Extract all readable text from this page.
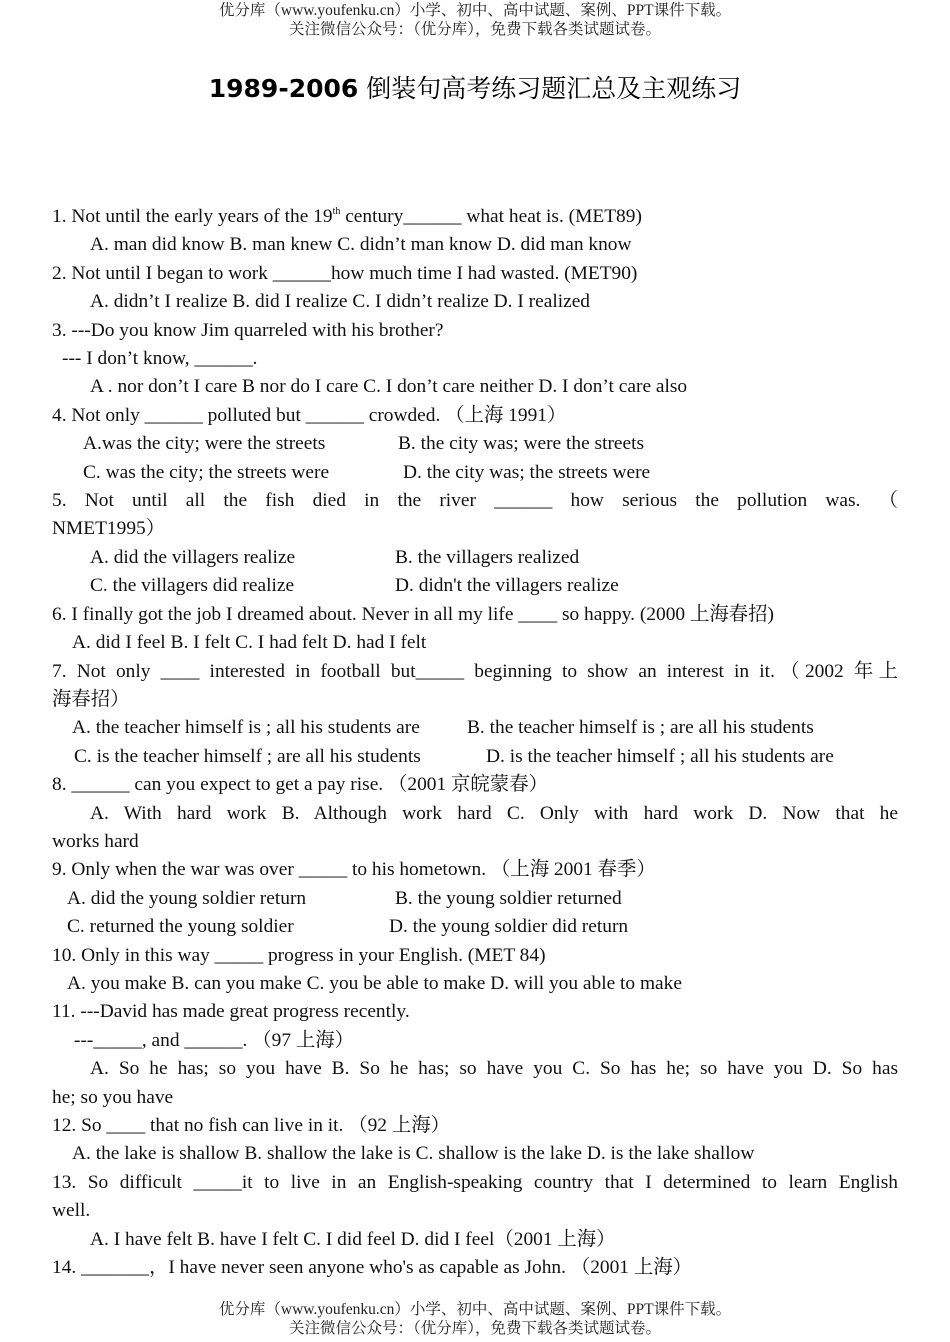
优分库（www.youfenku.cn）小学、初中、高中试题、案例、PPT课件下载。
关注微信公众号：（优分库），免费下载各类试题试卷。
1989-2006 倒装句高考练习题汇总及主观练习
1. Not until the early years of the 19th century______ what heat is. (MET89)
A. man did know B. man knew C. didn’t man know D. did man know
2. Not until I began to work ______how much time I had wasted. (MET90)
A. didn’t I realize B. did I realize C. I didn’t realize D. I realized
3. ---Do you know Jim quarreled with his brother?
--- I don’t know, ______.
A . nor don’t I care B nor do I care C. I don’t care neither D. I don’t care also
4. Not only ______ polluted but ______ crowded. （上海 1991）
A.was the city; were the streets	B. the city was; were the streets
C. was the city; the streets were	D. the city was; the streets were
5. Not until all the fish died in the river ______ how serious the pollution was. （
NMET1995）
A. did the villagers realize	B. the villagers realized
C. the villagers did realize	D. didn't the villagers realize
6. I finally got the job I dreamed about. Never in all my life ____ so happy. (2000 上海春招)
A. did I feel B. I felt C. I had felt D. had I felt
7. Not only ____ interested in football but_____ beginning to show an interest in it.（2002 年上
海春招）
A. the teacher himself is ; all his students are B. the teacher himself is ; are all his students
C. is the teacher himself ; are all his students	D. is the teacher himself ; all his students are
8. ______ can you expect to get a pay rise. （2001 京皖蒙春）
A. With hard work B. Although work hard C. Only with hard work D. Now that he
works hard
9. Only when the war was over _____ to his hometown. （上海 2001 春季）
A. did the young soldier return	B. the young soldier returned
C. returned the young soldier	D. the young soldier did return
10. Only in this way _____ progress in your English. (MET 84)
A. you make B. can you make C. you be able to make D. will you able to make
11. ---David has made great progress recently.
---_____, and ______. （97 上海）
A. So he has; so you have B. So he has; so have you C. So has he; so have you D. So has
he; so you have
12. So ____ that no fish can live in it. （92 上海）
A. the lake is shallow B. shallow the lake is C. shallow is the lake D. is the lake shallow
13. So difficult _____it to live in an English-speaking country that I determined to learn English
well.
A. I have felt B. have I felt C. I did feel D. did I feel（2001 上海）
14. _______，I have never seen anyone who's as capable as John. （2001 上海）
优分库（www.youfenku.cn）小学、初中、高中试题、案例、PPT课件下载。
关注微信公众号：（优分库），免费下载各类试题试卷。
